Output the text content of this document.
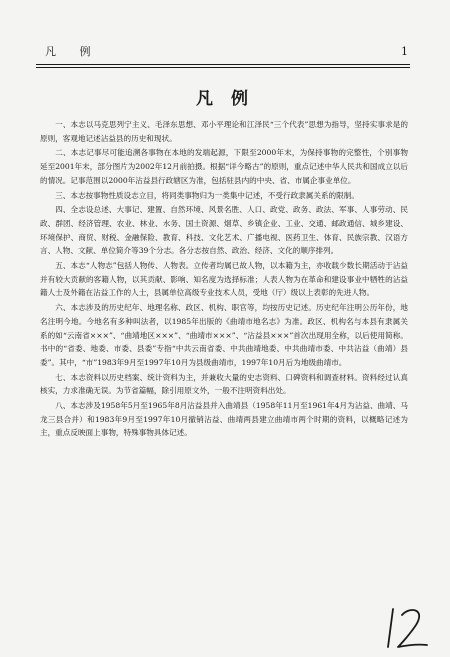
凡 例	1
凡 例

一、本志以马克思列宁主义、毛泽东思想、邓小平理论和江泽民“三个代表”思想为指导，坚持实事求是的原则，客观地记述沾益县的历史和现状。

二、本志记事尽可能追溯各事物在本地的发端起源，下限至2000年末，为保持事物的完整性，个别事物延至2001年末，部分图片为2002年12月前拍摄。根据“详今略古”的原则，重点记述中华人民共和国成立以后的情况。记事范围以2000年沾益县行政辖区为准，包括驻县内的中央、省、市属企事业单位。

三、本志按事物性质设志立目，将同类事物归为一类集中记述，不受行政隶属关系的限制。

四、全志设总述、大事记、建置、自然环境、风景名胜、人口、政党、政务、政法、军事、人事劳动、民政、群团、经济管理、农业、林业、水务、国土资源、烟草、乡镇企业、工业、交通、邮政通信、城乡建设、环境保护、商贸、财税、金融保险、教育、科技、文化艺术、广播电视、医药卫生、体育、民族宗教、汉语方言、人物、文献、单位简介等39个分志。各分志按自然、政治、经济、文化的顺序排列。

五、本志“人物志”包括人物传、人物表。立传者均属已故人物，以本籍为主，亦收载少数长期活动于沾益并有较大贡献的客籍人物，以其贡献、影响、知名度为选择标准；人表人物为在革命和建设事业中牺牲的沾益籍人士及外籍在沾益工作的人士，县属单位高级专业技术人员，受地（厅）级以上表彰的先进人物。

六、本志涉及的历史纪年、地理名称、政区、机构、职官等，均按历史记述。历史纪年注明公历年份，地名注明今地。今地名有多种叫法者，以1985年出版的《曲靖市地名志》为准。政区、机构名与本县有隶属关系的如“云南省×××”、“曲靖地区×××”、“曲靖市×××”、“沾益县×××”首次出现用全称，以后使用简称。书中的“省委、地委、市委、县委”专指“中共云南省委、中共曲靖地委、中共曲靖市委、中共沾益（曲靖）县委”。其中，“市”1983年9月至1997年10月为县级曲靖市，1997年10月后为地级曲靖市。

七、本志资料以历史档案、统计资料为主，并兼收大量的史志资料、口碑资料和调查材料。资料经过认真核实，力求准确无误。为节省篇幅，除引用原文外，一般不注明资料出处。

八、本志涉及1958年5月至1965年8月沾益县并入曲靖县（1958年11月至1961年4月为沾益、曲靖、马龙三县合并）和1983年9月至1997年10月撤销沾益、曲靖两县建立曲靖市两个时期的资料，以概略记述为主，重点反映面上事物，特殊事物具体记述。
